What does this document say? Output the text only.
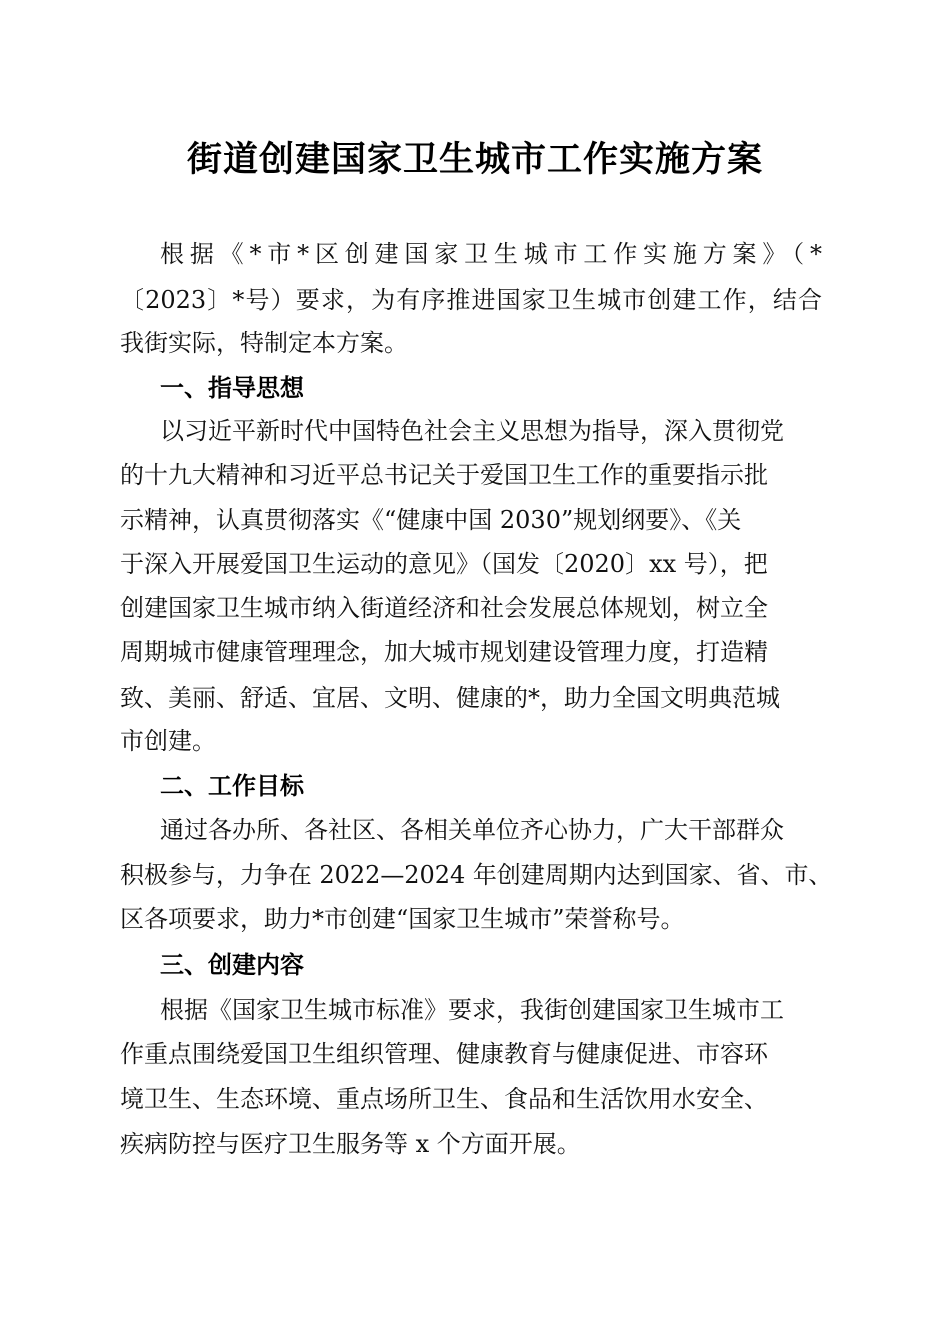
街道创建国家卫生城市工作实施方案
根据《*市*区创建国家卫生城市工作实施方案》（*
〔2023〕*号）要求，为有序推进国家卫生城市创建工作，结合
我街实际，特制定本方案。
一、指导思想
以习近平新时代中国特色社会主义思想为指导，深入贯彻党
的十九大精神和习近平总书记关于爱国卫生工作的重要指示批
示精神，认真贯彻落实《“健康中国 2030”规划纲要》、《关
于深入开展爱国卫生运动的意见》（国发〔2020〕xx 号），把
创建国家卫生城市纳入街道经济和社会发展总体规划，树立全
周期城市健康管理理念，加大城市规划建设管理力度，打造精
致、美丽、舒适、宜居、文明、健康的*，助力全国文明典范城
市创建。
二、工作目标
通过各办所、各社区、各相关单位齐心协力，广大干部群众
积极参与，力争在 2022—2024 年创建周期内达到国家、省、市、
区各项要求，助力*市创建“国家卫生城市”荣誉称号。
三、创建内容
根据《国家卫生城市标准》要求，我街创建国家卫生城市工
作重点围绕爱国卫生组织管理、健康教育与健康促进、市容环
境卫生、生态环境、重点场所卫生、食品和生活饮用水安全、
疾病防控与医疗卫生服务等 x 个方面开展。
